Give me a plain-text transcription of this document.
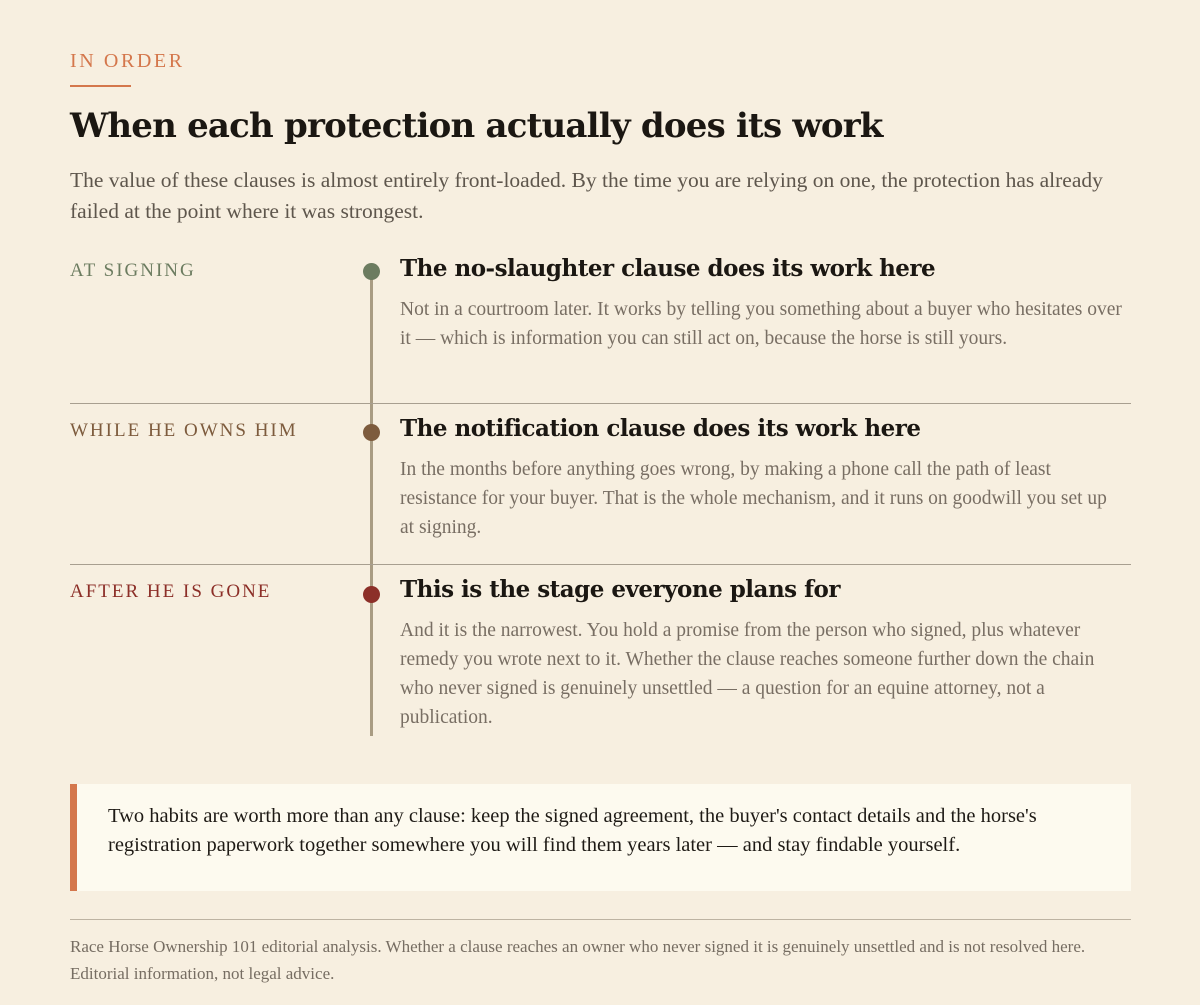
IN ORDER
When each protection actually does its work

The value of these clauses is almost entirely front-loaded. By the time you are relying on one, the protection has already failed at the point where it was strongest.

AT SIGNING	The no-slaughter clause does its work here

Not in a courtroom later. It works by telling you something about a buyer who hesitates over it — which is information you can still act on, because the horse is still yours.

WHILE HE OWNS HIM	The notification clause does its work here

In the months before anything goes wrong, by making a phone call the path of least resistance for your buyer. That is the whole mechanism, and it runs on goodwill you set up at signing.

AFTER HE IS GONE	This is the stage everyone plans for

And it is the narrowest. You hold a promise from the person who signed, plus whatever remedy you wrote next to it. Whether the clause reaches someone further down the chain who never signed is genuinely unsettled — a question for an equine attorney, not a publication.

Two habits are worth more than any clause: keep the signed agreement, the buyer's contact details and the horse's registration paperwork together somewhere you will find them years later — and stay findable yourself.

Race Horse Ownership 101 editorial analysis. Whether a clause reaches an owner who never signed it is genuinely unsettled and is not resolved here. Editorial information, not legal advice.
